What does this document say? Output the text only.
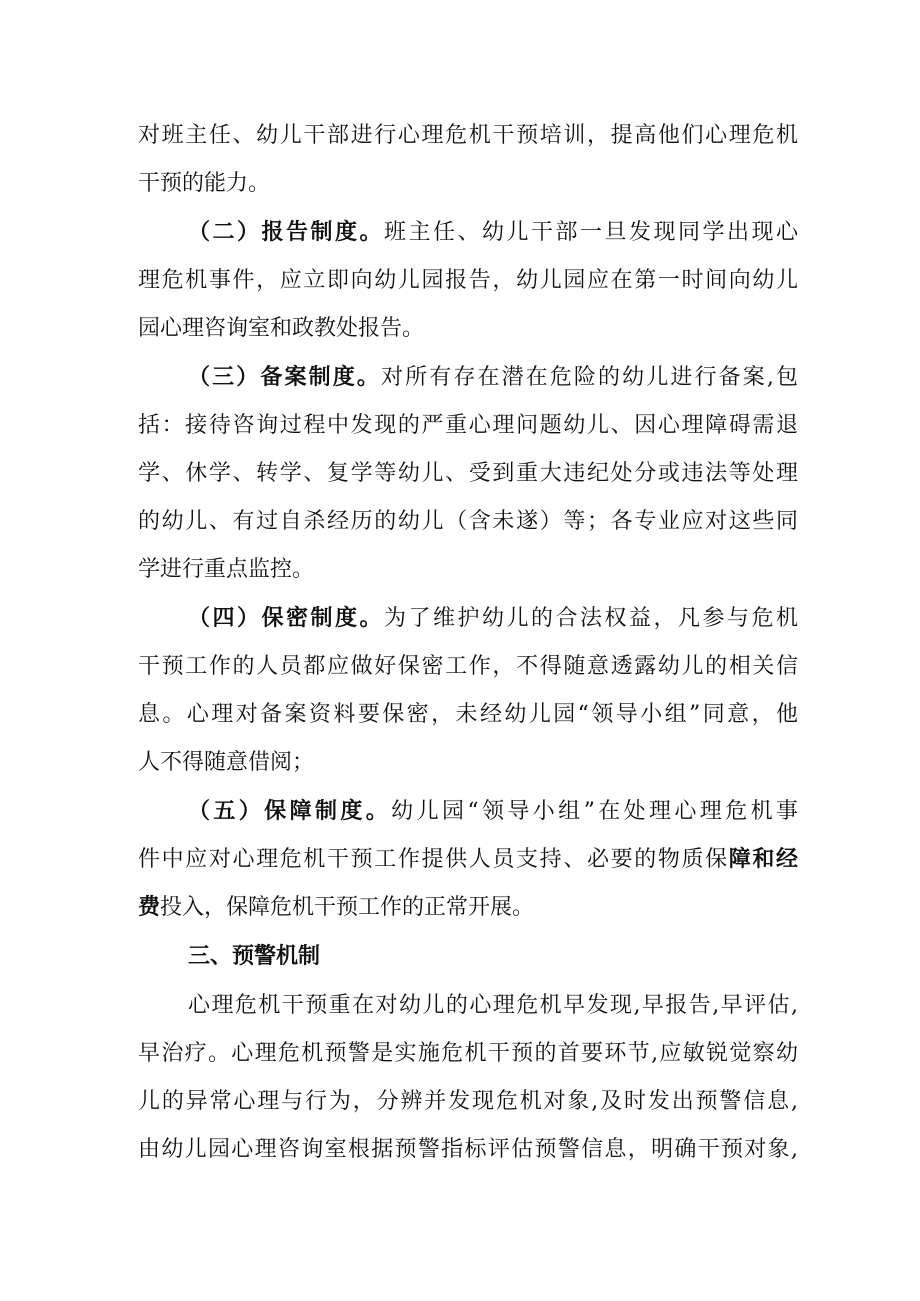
对班主任、幼儿干部进行心理危机干预培训，提高他们心理危机
干预的能力。
（二）报告制度。班主任、幼儿干部一旦发现同学出现心
理危机事件，应立即向幼儿园报告，幼儿园应在第一时间向幼儿
园心理咨询室和政教处报告。
（三）备案制度。对所有存在潜在危险的幼儿进行备案,包
括：接待咨询过程中发现的严重心理问题幼儿、因心理障碍需退
学、休学、转学、复学等幼儿、受到重大违纪处分或违法等处理
的幼儿、有过自杀经历的幼儿（含未遂）等；各专业应对这些同
学进行重点监控。
（四）保密制度。为了维护幼儿的合法权益，凡参与危机
干预工作的人员都应做好保密工作，不得随意透露幼儿的相关信
息。心理对备案资料要保密，未经幼儿园“领导小组”同意，他
人不得随意借阅；
（五）保障制度。幼儿园“领导小组”在处理心理危机事
件中应对心理危机干预工作提供人员支持、必要的物质保障和经
费投入，保障危机干预工作的正常开展。
三、预警机制
心理危机干预重在对幼儿的心理危机早发现,早报告,早评估,
早治疗。心理危机预警是实施危机干预的首要环节,应敏锐觉察幼
儿的异常心理与行为，分辨并发现危机对象,及时发出预警信息,
由幼儿园心理咨询室根据预警指标评估预警信息，明确干预对象,
